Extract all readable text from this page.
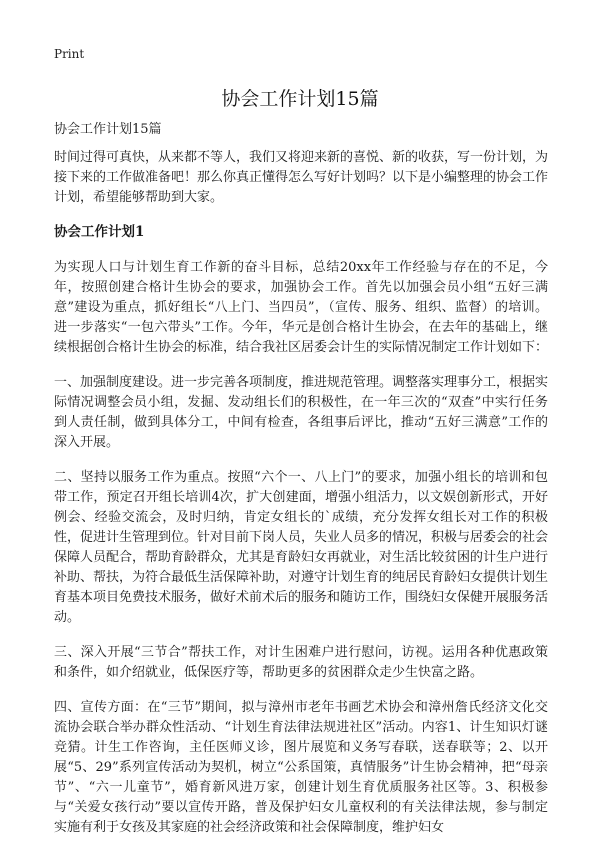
Print
协会工作计划15篇

协会工作计划15篇

时间过得可真快，从来都不等人，我们又将迎来新的喜悦、新的收获，写一份计划，为接下来的工作做准备吧！那么你真正懂得怎么写好计划吗？以下是小编整理的协会工作计划，希望能够帮助到大家。

协会工作计划1

为实现人口与计划生育工作新的奋斗目标，总结20xx年工作经验与存在的不足，今年，按照创建合格计生协会的要求，加强协会工作。首先以加强会员小组“五好三满意”建设为重点，抓好组长“八上门、当四员”，（宣传、服务、组织、监督）的培训。进一步落实“一包六带头”工作。今年，华元是创合格计生协会，在去年的基础上，继续根据创合格计生协会的标准，结合我社区居委会计生的实际情况制定工作计划如下：

一、加强制度建设。进一步完善各项制度，推进规范管理。调整落实理事分工，根据实际情况调整会员小组，发掘、发动组长们的积极性，在一年三次的“双查”中实行任务到人责任制，做到具体分工，中间有检查，各组事后评比，推动“五好三满意”工作的深入开展。

二、坚持以服务工作为重点。按照“六个一、八上门”的要求，加强小组长的培训和包带工作，预定召开组长培训4次，扩大创建面，增强小组活力，以文娱创新形式，开好例会、经验交流会，及时归纳，肯定女组长的`成绩，充分发挥女组长对工作的积极性，促进计生管理到位。针对目前下岗人员，失业人员多的情况，积极与居委会的社会保障人员配合，帮助育龄群众，尤其是育龄妇女再就业，对生活比较贫困的计生户进行补助、帮扶，为符合最低生活保障补助，对遵守计划生育的纯居民育龄妇女提供计划生育基本项目免费技术服务，做好术前术后的服务和随访工作，围绕妇女保健开展服务活动。

三、深入开展“三节合”帮扶工作，对计生困难户进行慰问，访视。运用各种优惠政策和条件，如介绍就业，低保医疗等，帮助更多的贫困群众走少生快富之路。

四、宣传方面：在“三节”期间，拟与漳州市老年书画艺术协会和漳州詹氏经济文化交流协会联合举办群众性活动、“计划生育法律法规进社区”活动。内容1、计生知识灯谜竞猜。计生工作咨询，主任医师义诊，图片展览和义务写春联，送春联等；2、以开展“5、29”系列宣传活动为契机，树立“公系国策，真情服务”计生协会精神，把“母亲节”、“六一儿童节”，婚育新风进万家，创建计划生育优质服务社区等。3、积极参与“关爱女孩行动”要以宣传开路，普及保护妇女儿童权利的有关法律法规，参与制定实施有利于女孩及其家庭的社会经济政策和社会保障制度，维护妇女
